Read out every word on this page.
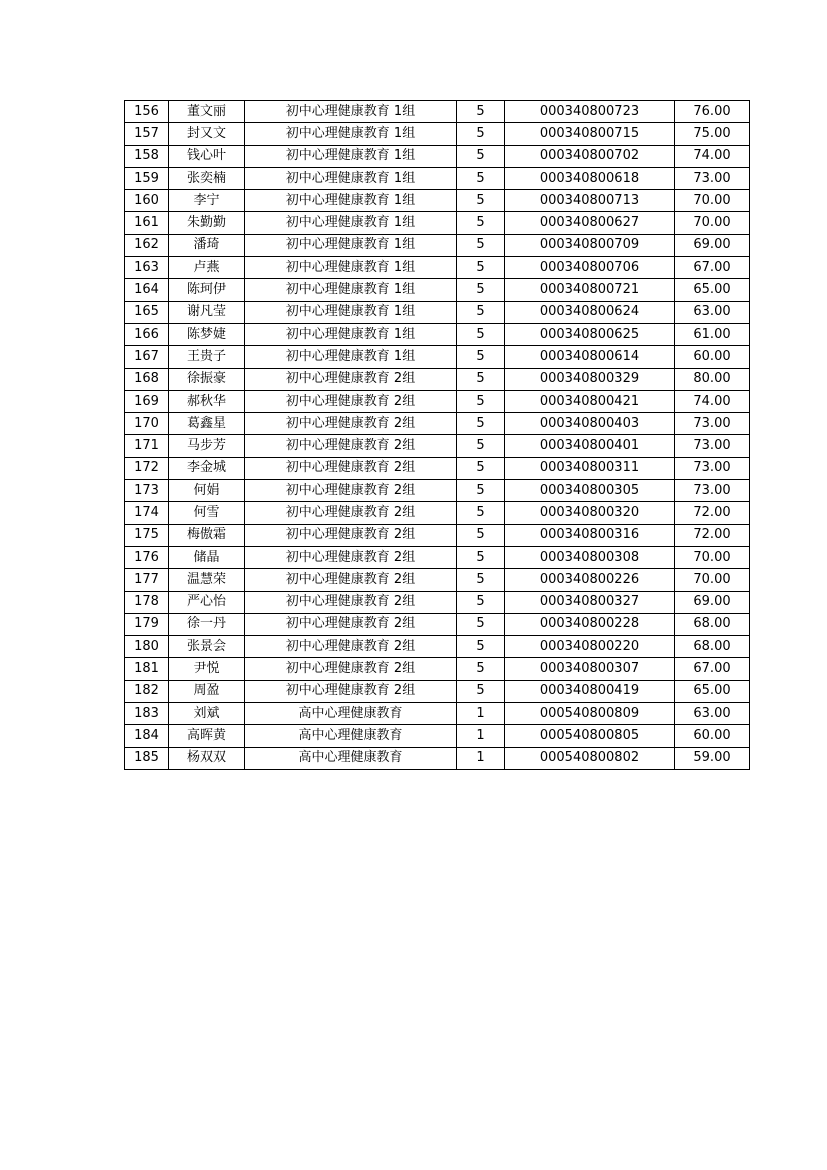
156	董文丽	初中心理健康教育 1组	5	000340800723	76.00
157	封又文	初中心理健康教育 1组	5	000340800715	75.00
158	钱心叶	初中心理健康教育 1组	5	000340800702	74.00
159	张奕楠	初中心理健康教育 1组	5	000340800618	73.00
160	李宁	初中心理健康教育 1组	5	000340800713	70.00
161	朱勤勤	初中心理健康教育 1组	5	000340800627	70.00
162	潘琦	初中心理健康教育 1组	5	000340800709	69.00
163	卢燕	初中心理健康教育 1组	5	000340800706	67.00
164	陈珂伊	初中心理健康教育 1组	5	000340800721	65.00
165	谢凡莹	初中心理健康教育 1组	5	000340800624	63.00
166	陈梦婕	初中心理健康教育 1组	5	000340800625	61.00
167	王贵子	初中心理健康教育 1组	5	000340800614	60.00
168	徐振豪	初中心理健康教育 2组	5	000340800329	80.00
169	郝秋华	初中心理健康教育 2组	5	000340800421	74.00
170	葛鑫星	初中心理健康教育 2组	5	000340800403	73.00
171	马步芳	初中心理健康教育 2组	5	000340800401	73.00
172	李金城	初中心理健康教育 2组	5	000340800311	73.00
173	何娟	初中心理健康教育 2组	5	000340800305	73.00
174	何雪	初中心理健康教育 2组	5	000340800320	72.00
175	梅傲霜	初中心理健康教育 2组	5	000340800316	72.00
176	储晶	初中心理健康教育 2组	5	000340800308	70.00
177	温慧荣	初中心理健康教育 2组	5	000340800226	70.00
178	严心怡	初中心理健康教育 2组	5	000340800327	69.00
179	徐一丹	初中心理健康教育 2组	5	000340800228	68.00
180	张景会	初中心理健康教育 2组	5	000340800220	68.00
181	尹悦	初中心理健康教育 2组	5	000340800307	67.00
182	周盈	初中心理健康教育 2组	5	000340800419	65.00
183	刘斌	高中心理健康教育	1	000540800809	63.00
184	高晖黄	高中心理健康教育	1	000540800805	60.00
185	杨双双	高中心理健康教育	1	000540800802	59.00
